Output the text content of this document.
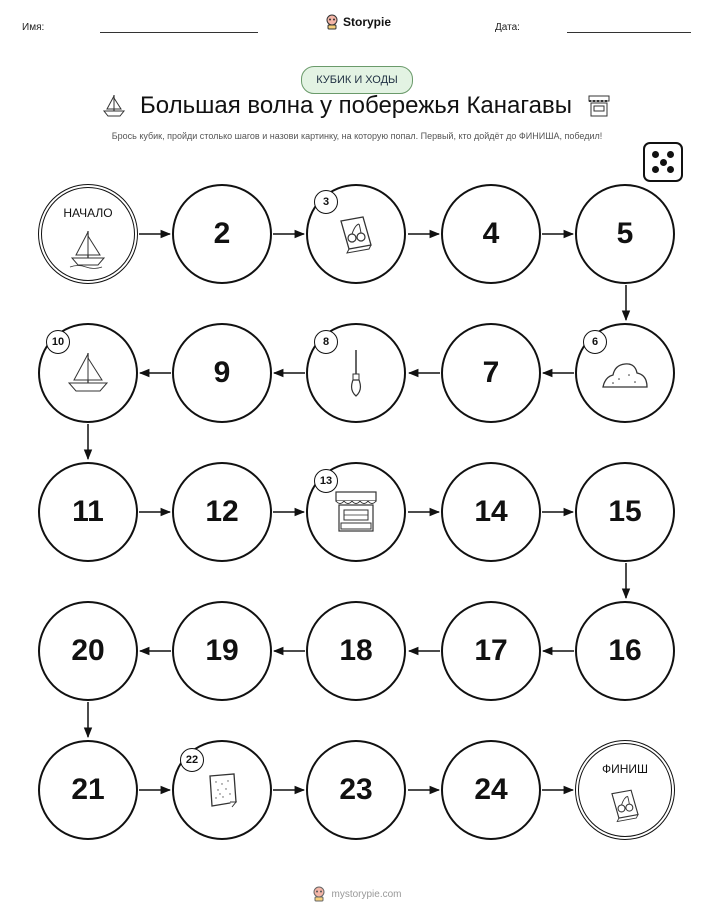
Имя:	Storypie	Дата:
КУБИК И ХОДЫ
Большая волна у побережья Канагавы
Брось кубик, пройди столько шагов и назови картинку, на которую попал. Первый, кто дойдёт до ФИНИША, победил!
НАЧАЛО
2
3
4	5
10
9
8
7
6
11	12
13
14	15
20	19	18	17	16
21
22
23	24
ФИНИШ
mystorypie.com
